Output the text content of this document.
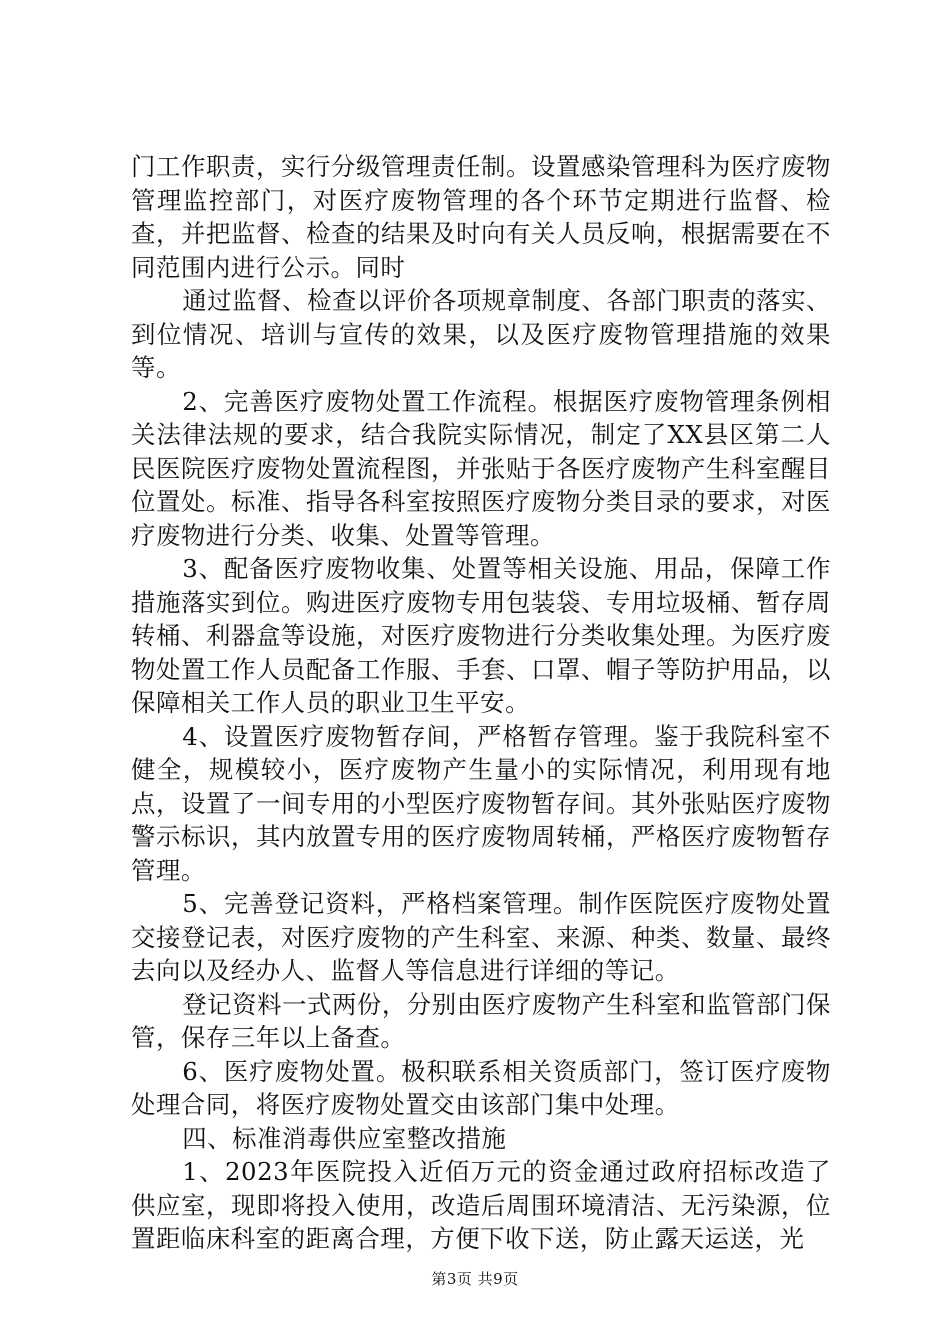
门工作职责，实行分级管理责任制。设置感染管理科为医疗废物管理监控部门，对医疗废物管理的各个环节定期进行监督、检查，并把监督、检查的结果及时向有关人员反响，根据需要在不同范围内进行公示。同时

通过监督、检查以评价各项规章制度、各部门职责的落实、到位情况、培训与宣传的效果，以及医疗废物管理措施的效果等。

2、完善医疗废物处置工作流程。根据医疗废物管理条例相关法律法规的要求，结合我院实际情况，制定了XX县区第二人民医院医疗废物处置流程图，并张贴于各医疗废物产生科室醒目位置处。标准、指导各科室按照医疗废物分类目录的要求，对医疗废物进行分类、收集、处置等管理。

3、配备医疗废物收集、处置等相关设施、用品，保障工作措施落实到位。购进医疗废物专用包装袋、专用垃圾桶、暂存周转桶、利器盒等设施，对医疗废物进行分类收集处理。为医疗废物处置工作人员配备工作服、手套、口罩、帽子等防护用品，以保障相关工作人员的职业卫生平安。

4、设置医疗废物暂存间，严格暂存管理。鉴于我院科室不健全，规模较小，医疗废物产生量小的实际情况，利用现有地点，设置了一间专用的小型医疗废物暂存间。其外张贴医疗废物警示标识，其内放置专用的医疗废物周转桶，严格医疗废物暂存管理。

5、完善登记资料，严格档案管理。制作医院医疗废物处置交接登记表，对医疗废物的产生科室、来源、种类、数量、最终去向以及经办人、监督人等信息进行详细的等记。

登记资料一式两份，分别由医疗废物产生科室和监管部门保管，保存三年以上备查。

6、医疗废物处置。极积联系相关资质部门，签订医疗废物处理合同，将医疗废物处置交由该部门集中处理。

四、标准消毒供应室整改措施

1、2023年医院投入近佰万元的资金通过政府招标改造了供应室，现即将投入使用，改造后周围环境清洁、无污染源，位置距临床科室的距离合理，方便下收下送，防止露天运送，光

第3页 共9页
